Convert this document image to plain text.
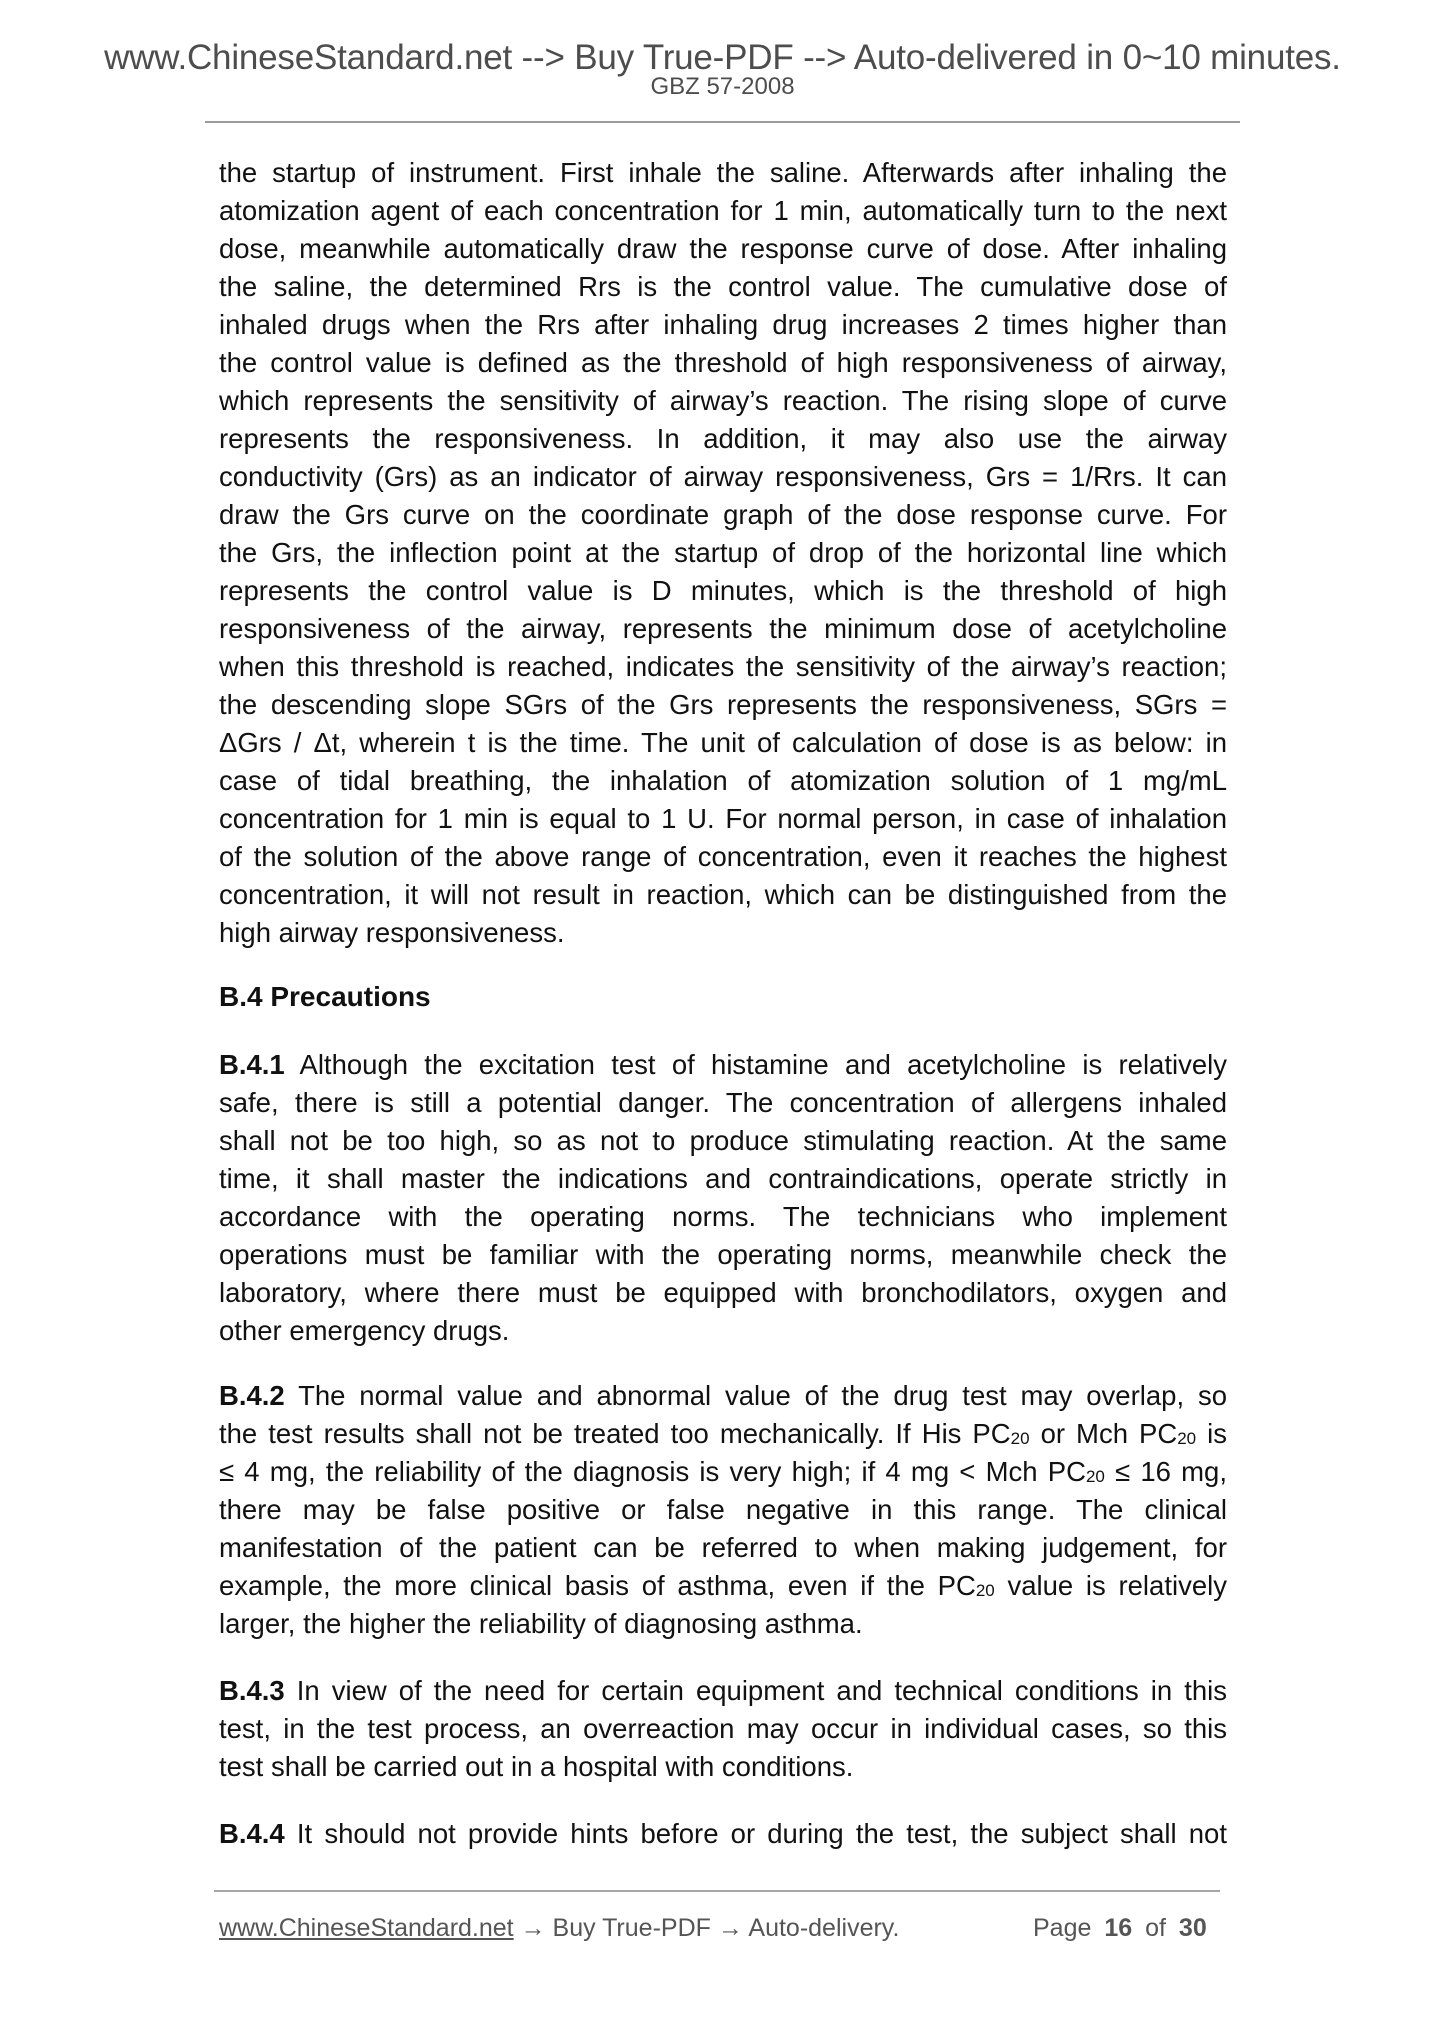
www.ChineseStandard.net --> Buy True-PDF --> Auto-delivered in 0~10 minutes.
GBZ 57-2008
the startup of instrument. First inhale the saline. Afterwards after inhaling the
atomization agent of each concentration for 1 min, automatically turn to the next
dose, meanwhile automatically draw the response curve of dose. After inhaling
the saline, the determined Rrs is the control value. The cumulative dose of
inhaled drugs when the Rrs after inhaling drug increases 2 times higher than
the control value is defined as the threshold of high responsiveness of airway,
which represents the sensitivity of airway’s reaction. The rising slope of curve
represents the responsiveness. In addition, it may also use the airway
conductivity (Grs) as an indicator of airway responsiveness, Grs = 1/Rrs. It can
draw the Grs curve on the coordinate graph of the dose response curve. For
the Grs, the inflection point at the startup of drop of the horizontal line which
represents the control value is D minutes, which is the threshold of high
responsiveness of the airway, represents the minimum dose of acetylcholine
when this threshold is reached, indicates the sensitivity of the airway’s reaction;
the descending slope SGrs of the Grs represents the responsiveness, SGrs =
ΔGrs / Δt, wherein t is the time. The unit of calculation of dose is as below: in
case of tidal breathing, the inhalation of atomization solution of 1 mg/mL
concentration for 1 min is equal to 1 U. For normal person, in case of inhalation
of the solution of the above range of concentration, even it reaches the highest
concentration, it will not result in reaction, which can be distinguished from the
high airway responsiveness.
B.4 Precautions
B.4.1 Although the excitation test of histamine and acetylcholine is relatively
safe, there is still a potential danger. The concentration of allergens inhaled
shall not be too high, so as not to produce stimulating reaction. At the same
time, it shall master the indications and contraindications, operate strictly in
accordance with the operating norms. The technicians who implement
operations must be familiar with the operating norms, meanwhile check the
laboratory, where there must be equipped with bronchodilators, oxygen and
other emergency drugs.
B.4.2 The normal value and abnormal value of the drug test may overlap, so
the test results shall not be treated too mechanically. If His $PC_{20}$ or Mch $PC_{20}$ is
≤ 4 mg, the reliability of the diagnosis is very high; if 4 mg < Mch $PC_{20} \le 16$ mg,
there may be false positive or false negative in this range. The clinical
manifestation of the patient can be referred to when making judgement, for
example, the more clinical basis of asthma, even if the $PC_{20}$ value is relatively
larger, the higher the reliability of diagnosing asthma.
B.4.3 In view of the need for certain equipment and technical conditions in this
test, in the test process, an overreaction may occur in individual cases, so this
test shall be carried out in a hospital with conditions.
B.4.4 It should not provide hints before or during the test, the subject shall not
www.ChineseStandard.net → Buy True-PDF → Auto-delivery.	Page 16 of 30
